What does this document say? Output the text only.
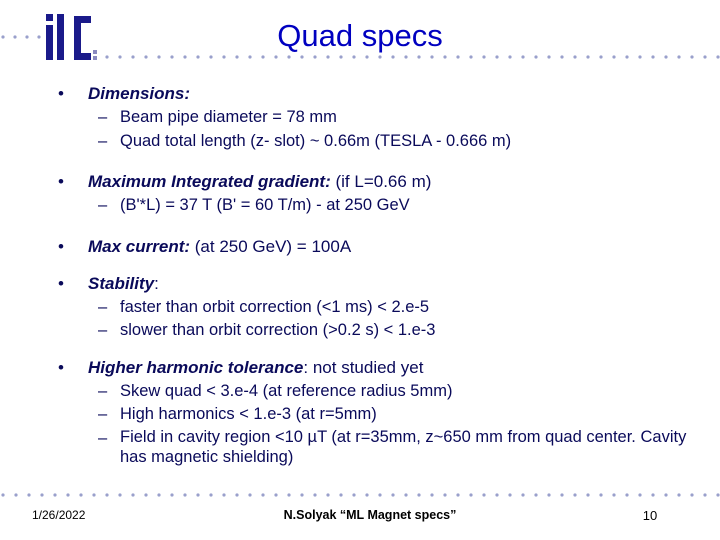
Quad specs
•	Dimensions:
– Beam pipe diameter = 78 mm
– Quad total length (z- slot) ~ 0.66m (TESLA - 0.666 m)
•	Maximum Integrated gradient: (if L=0.66 m)
– (B'*L) = 37 T (B' = 60 T/m) - at 250 GeV
•	Max current: (at 250 GeV) = 100A
•	Stability:
– faster than orbit correction (<1 ms) < 2.e-5
– slower than orbit correction (>0.2 s) < 1.e-3
•	Higher harmonic tolerance: not studied yet
– Skew quad < 3.e-4 (at reference radius 5mm)
– High harmonics < 1.e-3 (at r=5mm)
– Field in cavity region <10 µT (at r=35mm, z~650 mm from quad center. Cavity has magnetic shielding)
1/26/2022	N.Solyak “ML Magnet specs”	10
